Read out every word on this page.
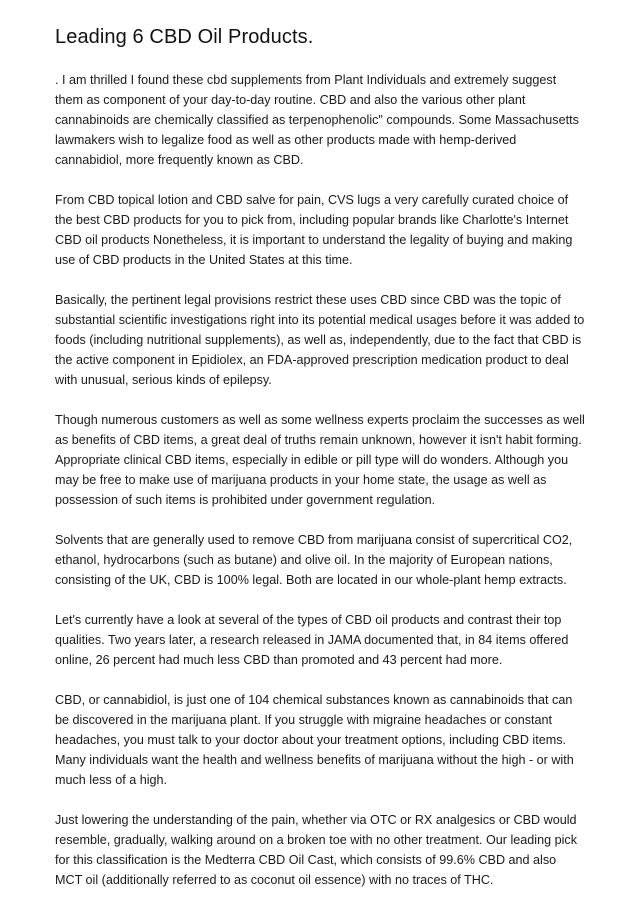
Leading 6 CBD Oil Products.

. I am thrilled I found these cbd supplements from Plant Individuals and extremely suggest them as component of your day-to-day routine. CBD and also the various other plant cannabinoids are chemically classified as terpenophenolic" compounds. Some Massachusetts lawmakers wish to legalize food as well as other products made with hemp-derived cannabidiol, more frequently known as CBD.

From CBD topical lotion and CBD salve for pain, CVS lugs a very carefully curated choice of the best CBD products for you to pick from, including popular brands like Charlotte's Internet CBD oil products Nonetheless, it is important to understand the legality of buying and making use of CBD products in the United States at this time.

Basically, the pertinent legal provisions restrict these uses CBD since CBD was the topic of substantial scientific investigations right into its potential medical usages before it was added to foods (including nutritional supplements), as well as, independently, due to the fact that CBD is the active component in Epidiolex, an FDA-approved prescription medication product to deal with unusual, serious kinds of epilepsy.

Though numerous customers as well as some wellness experts proclaim the successes as well as benefits of CBD items, a great deal of truths remain unknown, however it isn't habit forming. Appropriate clinical CBD items, especially in edible or pill type will do wonders. Although you may be free to make use of marijuana products in your home state, the usage as well as possession of such items is prohibited under government regulation.

Solvents that are generally used to remove CBD from marijuana consist of supercritical CO2, ethanol, hydrocarbons (such as butane) and olive oil. In the majority of European nations, consisting of the UK, CBD is 100% legal. Both are located in our whole-plant hemp extracts.

Let's currently have a look at several of the types of CBD oil products and contrast their top qualities. Two years later, a research released in JAMA documented that, in 84 items offered online, 26 percent had much less CBD than promoted and 43 percent had more.

CBD, or cannabidiol, is just one of 104 chemical substances known as cannabinoids that can be discovered in the marijuana plant. If you struggle with migraine headaches or constant headaches, you must talk to your doctor about your treatment options, including CBD items. Many individuals want the health and wellness benefits of marijuana without the high - or with much less of a high.

Just lowering the understanding of the pain, whether via OTC or RX analgesics or CBD would resemble, gradually, walking around on a broken toe with no other treatment. Our leading pick for this classification is the Medterra CBD Oil Cast, which consists of 99.6% CBD and also MCT oil (additionally referred to as coconut oil essence) with no traces of THC.
